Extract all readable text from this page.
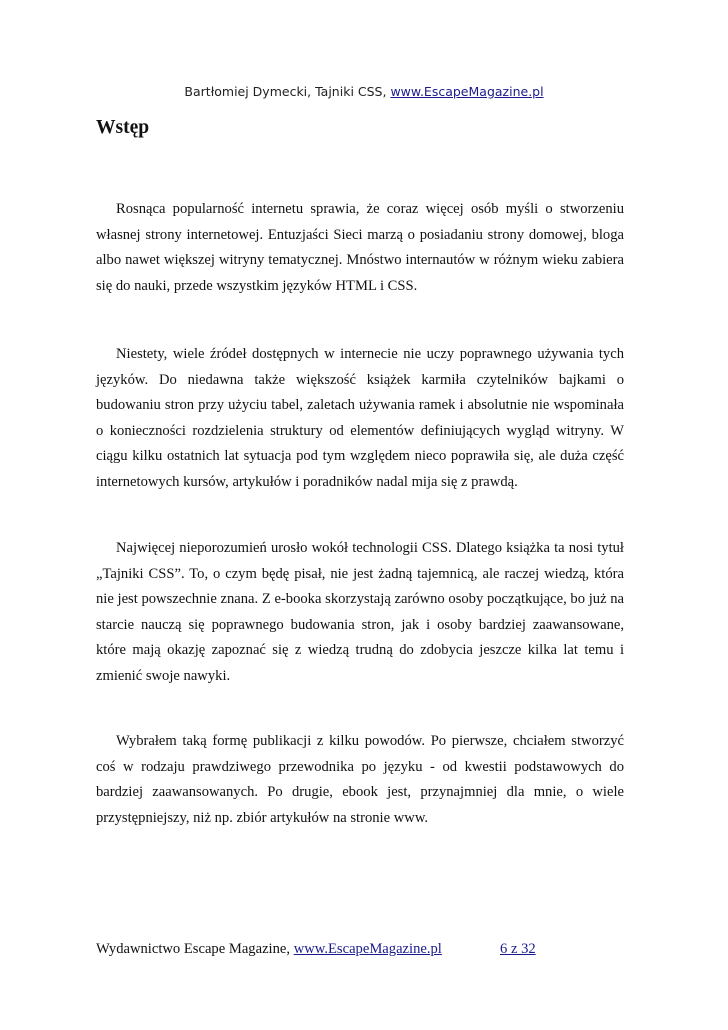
Bartłomiej Dymecki, Tajniki CSS, www.EscapeMagazine.pl
Wstęp

Rosnąca popularność internetu sprawia, że coraz więcej osób myśli o stworzeniu własnej strony internetowej. Entuzjaści Sieci marzą o posiadaniu strony domowej, bloga albo nawet większej witryny tematycznej. Mnóstwo internautów w różnym wieku zabiera się do nauki, przede wszystkim języków HTML i CSS.

Niestety, wiele źródeł dostępnych w internecie nie uczy poprawnego używania tych języków. Do niedawna także większość książek karmiła czytelników bajkami o budowaniu stron przy użyciu tabel, zaletach używania ramek i absolutnie nie wspominała o konieczności rozdzielenia struktury od elementów definiujących wygląd witryny. W ciągu kilku ostatnich lat sytuacja pod tym względem nieco poprawiła się, ale duża część internetowych kursów, artykułów i poradników nadal mija się z prawdą.

Najwięcej nieporozumień urosło wokół technologii CSS. Dlatego książka ta nosi tytuł „Tajniki CSS”. To, o czym będę pisał, nie jest żadną tajemnicą, ale raczej wiedzą, która nie jest powszechnie znana. Z e-booka skorzystają zarówno osoby początkujące, bo już na starcie nauczą się poprawnego budowania stron, jak i osoby bardziej zaawansowane, które mają okazję zapoznać się z wiedzą trudną do zdobycia jeszcze kilka lat temu i zmienić swoje nawyki.

Wybrałem taką formę publikacji z kilku powodów. Po pierwsze, chciałem stworzyć coś w rodzaju prawdziwego przewodnika po języku - od kwestii podstawowych do bardziej zaawansowanych. Po drugie, ebook jest, przynajmniej dla mnie, o wiele przystępniejszy, niż np. zbiór artykułów na stronie www.

Wydawnictwo Escape Magazine, www.EscapeMagazine.pl	6 z 32
